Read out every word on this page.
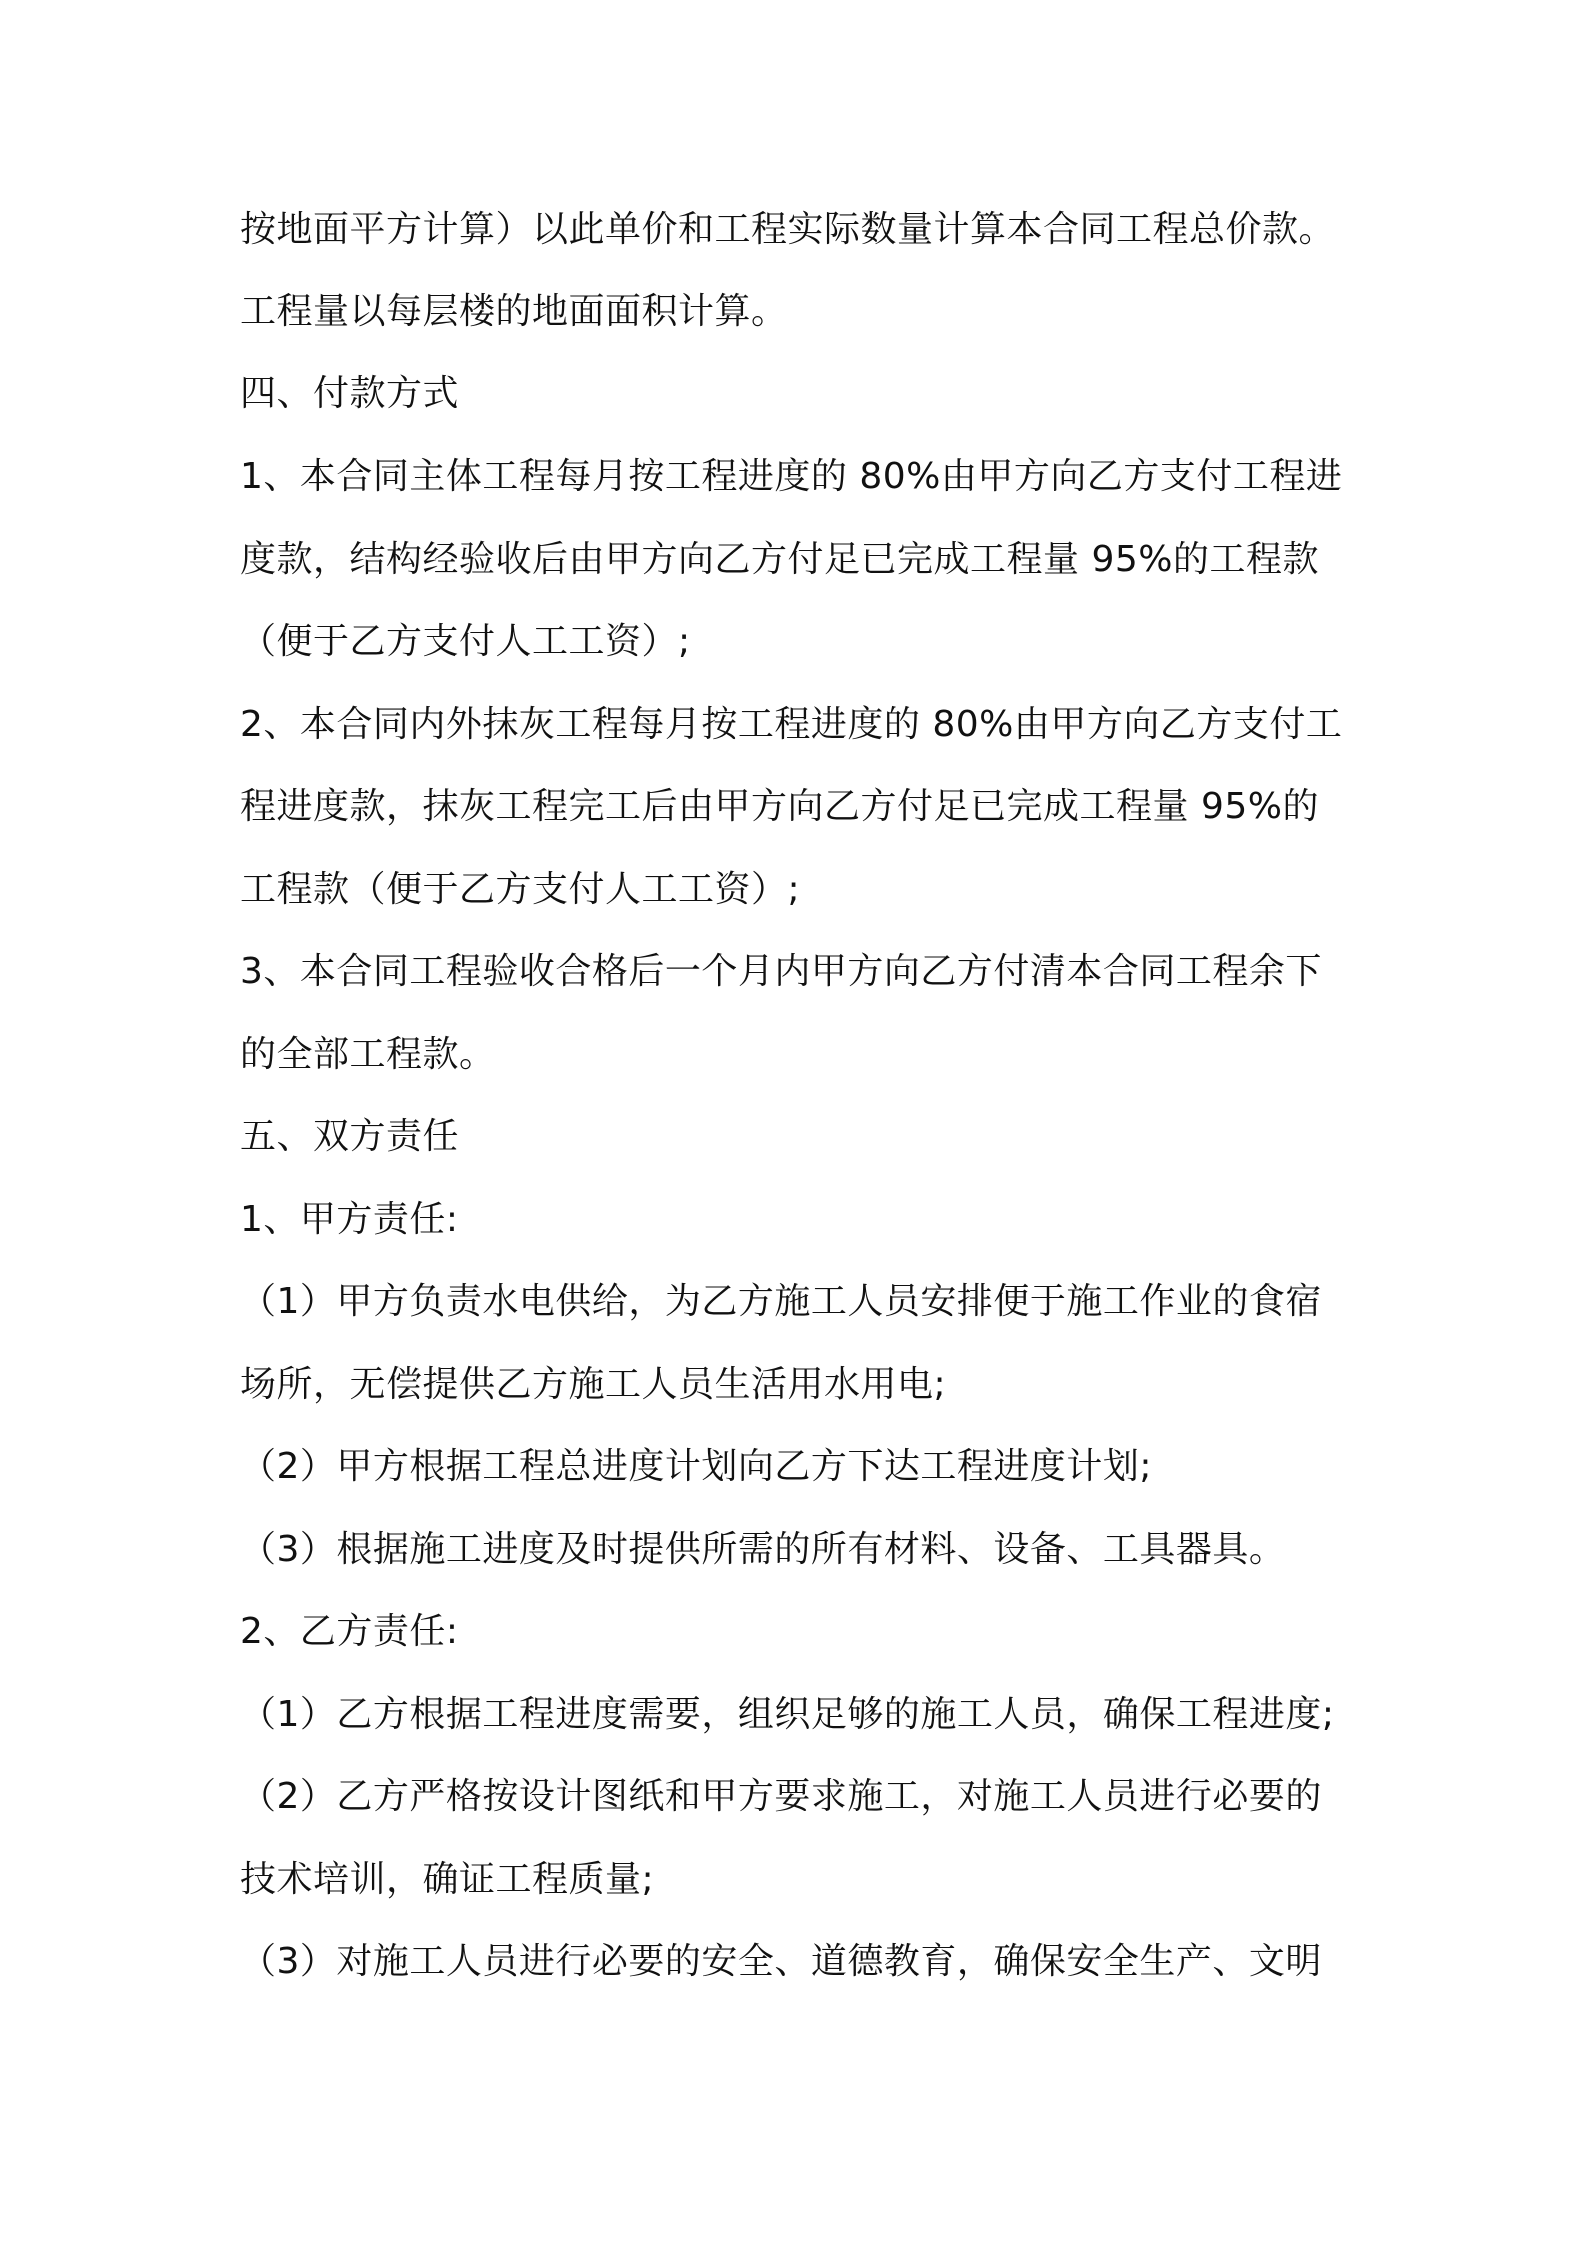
按地面平方计算）以此单价和工程实际数量计算本合同工程总价款。
工程量以每层楼的地面面积计算。
四、付款方式
1、本合同主体工程每月按工程进度的 80%由甲方向乙方支付工程进
度款，结构经验收后由甲方向乙方付足已完成工程量 95%的工程款
（便于乙方支付人工工资）;
2、本合同内外抹灰工程每月按工程进度的 80%由甲方向乙方支付工
程进度款，抹灰工程完工后由甲方向乙方付足已完成工程量 95%的
工程款（便于乙方支付人工工资）;
3、本合同工程验收合格后一个月内甲方向乙方付清本合同工程余下
的全部工程款。
五、双方责任
1、甲方责任:
（1）甲方负责水电供给，为乙方施工人员安排便于施工作业的食宿
场所，无偿提供乙方施工人员生活用水用电;
（2）甲方根据工程总进度计划向乙方下达工程进度计划;
（3）根据施工进度及时提供所需的所有材料、设备、工具器具。
2、乙方责任:
（1）乙方根据工程进度需要，组织足够的施工人员，确保工程进度;
（2）乙方严格按设计图纸和甲方要求施工，对施工人员进行必要的
技术培训，确证工程质量;
（3）对施工人员进行必要的安全、道德教育，确保安全生产、文明
